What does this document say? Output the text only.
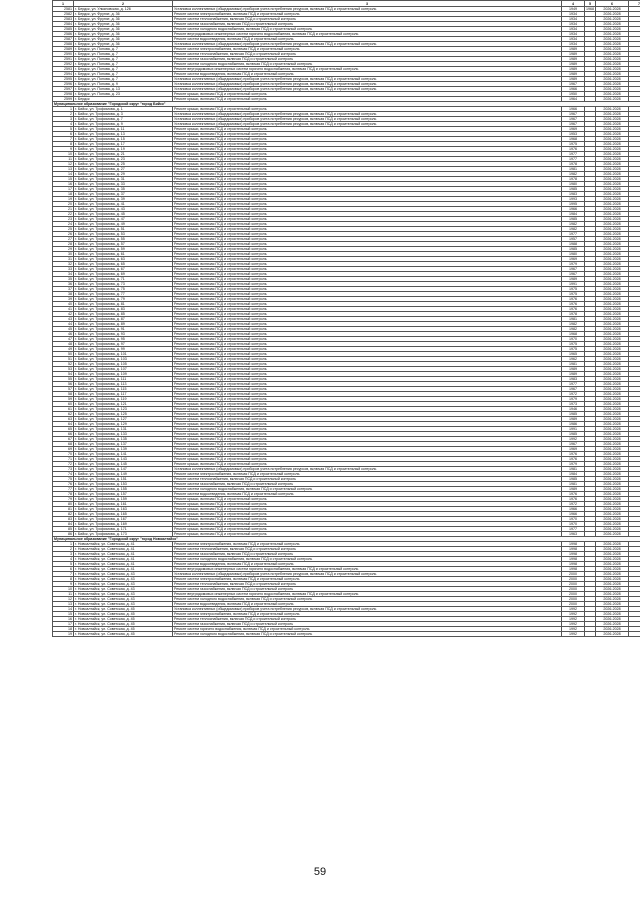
1	2	3	4	5	6	7
2581	г. Бердск, ул. Ульяновская, д. 126	Установка коллективных (общедомовых) приборов учета потребления ресурсов, включая ПСД и строительный контроль	1949	1968	2026-2028	
2582	г. Бердск, ул. Фрунзе, д. 36	Ремонт систем электроснабжения, включая ПСД и строительный контроль	1934		2026-2028	
2583	г. Бердск, ул. Фрунзе, д. 36	Ремонт систем теплоснабжения, включая ПСД и строительный контроль	1934		2026-2028	
2584	г. Бердск, ул. Фрунзе, д. 36	Ремонт систем газоснабжения, включая ПСД и строительный контроль	1934		2026-2028	
2585	г. Бердск, ул. Фрунзе, д. 36	Ремонт систем холодного водоснабжения, включая ПСД и строительный контроль	1934		2026-2028	
2586	г. Бердск, ул. Фрунзе, д. 36	Ремонт внутридомовых инженерных систем горячего водоснабжения, включая ПСД и строительный контроль	1934		2026-2028	
2587	г. Бердск, ул. Фрунзе, д. 36	Ремонт систем водоотведения, включая ПСД и строительный контроль	1934		2026-2028	
2588	г. Бердск, ул. Фрунзе, д. 36	Установка коллективных (общедомовых) приборов учета потребления ресурсов, включая ПСД и строительный контроль	1934		2026-2028	
2589	г. Бердск, ул. Попова, д. 7	Ремонт систем электроснабжения, включая ПСД и строительный контроль	1989		2026-2028	
2590	г. Бердск, ул. Попова, д. 7	Ремонт систем теплоснабжения, включая ПСД и строительный контроль	1989		2026-2028	
2591	г. Бердск, ул. Попова, д. 7	Ремонт систем газоснабжения, включая ПСД и строительный контроль	1989		2026-2028	
2592	г. Бердск, ул. Попова, д. 7	Ремонт систем холодного водоснабжения, включая ПСД и строительный контроль	1989		2026-2028	
2593	г. Бердск, ул. Попова, д. 7	Ремонт внутридомовых инженерных систем горячего водоснабжения, включая ПСД и строительный контроль	1989		2026-2028	
2594	г. Бердск, ул. Попова, д. 7	Ремонт систем водоотведения, включая ПСД и строительный контроль	1989		2026-2028	
2595	г. Бердск, ул. Попова, д. 7	Установка коллективных (общедомовых) приборов учета потребления ресурсов, включая ПСД и строительный контроль	1989		2026-2028	
2596	г. Бердск, ул. Попова, д. 9	Установка коллективных (общедомовых) приборов учета потребления ресурсов, включая ПСД и строительный контроль	1967		2026-2028	
2597	г. Бердск, ул. Попова, д. 13	Установка коллективных (общедомовых) приборов учета потребления ресурсов, включая ПСД и строительный контроль	1966		2026-2028	
2598	г. Бердск, ул. Попова, д. 23	Ремонт крыши, включая ПСД и строительный контроль	1950		2026-2028	
2599	г. Бердск	Ремонт крыши, включая ПСД и строительный контроль	1964		2026-2028	
Муниципальное образование "Городской округ "город Бийск"						
1	г. Бийск, ул. Трофимова, д. 1	Ремонт крыши, включая ПСД и строительный контроль	1966		2026-2028	
2	г. Бийск, ул. Трофимова, д. 3	Установка коллективных (общедомовых) приборов учета потребления ресурсов, включая ПСД и строительный контроль	1967		2026-2028	
3	г. Бийск, ул. Трофимова, д. 7	Установка коллективных (общедомовых) приборов учета потребления ресурсов, включая ПСД и строительный контроль	1967		2026-2028	
4	г. Бийск, ул. Трофимова, д. 9	Установка коллективных (общедомовых) приборов учета потребления ресурсов, включая ПСД и строительный контроль	1967		2026-2028	
5	г. Бийск, ул. Трофимова, д. 11	Ремонт крыши, включая ПСД и строительный контроль	1969		2026-2028	
6	г. Бийск, ул. Трофимова, д. 13	Ремонт крыши, включая ПСД и строительный контроль	1953		2026-2028	
7	г. Бийск, ул. Трофимова, д. 15	Ремонт крыши, включая ПСД и строительный контроль	1968		2026-2028	
8	г. Бийск, ул. Трофимова, д. 17	Ремонт крыши, включая ПСД и строительный контроль	1975		2026-2028	
9	г. Бийск, ул. Трофимова, д. 19	Ремонт крыши, включая ПСД и строительный контроль	1976		2026-2028	
10	г. Бийск, ул. Трофимова, д. 21	Ремонт крыши, включая ПСД и строительный контроль	1977		2026-2028	
11	г. Бийск, ул. Трофимова, д. 23	Ремонт крыши, включая ПСД и строительный контроль	1977		2026-2028	
12	г. Бийск, ул. Трофимова, д. 25	Ремонт крыши, включая ПСД и строительный контроль	1978		2026-2028	
13	г. Бийск, ул. Трофимова, д. 27	Ремонт крыши, включая ПСД и строительный контроль	1981		2026-2028	
14	г. Бийск, ул. Трофимова, д. 29	Ремонт крыши, включая ПСД и строительный контроль	1982		2026-2028	
15	г. Бийск, ул. Трофимова, д. 31	Ремонт крыши, включая ПСД и строительный контроль	1978		2026-2028	
16	г. Бийск, ул. Трофимова, д. 33	Ремонт крыши, включая ПСД и строительный контроль	1980		2026-2028	
17	г. Бийск, ул. Трофимова, д. 35	Ремонт крыши, включая ПСД и строительный контроль	1985		2026-2028	
18	г. Бийск, ул. Трофимова, д. 37	Ремонт крыши, включая ПСД и строительный контроль	1983		2026-2028	
19	г. Бийск, ул. Трофимова, д. 39	Ремонт крыши, включая ПСД и строительный контроль	1993		2026-2028	
20	г. Бийск, ул. Трофимова, д. 41	Ремонт крыши, включая ПСД и строительный контроль	1995		2026-2028	
21	г. Бийск, ул. Трофимова, д. 43	Ремонт крыши, включая ПСД и строительный контроль	1966		2026-2028	
22	г. Бийск, ул. Трофимова, д. 45	Ремонт крыши, включая ПСД и строительный контроль	1984		2026-2028	
23	г. Бийск, ул. Трофимова, д. 47	Ремонт крыши, включая ПСД и строительный контроль	1985		2026-2028	
24	г. Бийск, ул. Трофимова, д. 49	Ремонт крыши, включая ПСД и строительный контроль	1982		2026-2028	
25	г. Бийск, ул. Трофимова, д. 51	Ремонт крыши, включая ПСД и строительный контроль	1982		2026-2028	
26	г. Бийск, ул. Трофимова, д. 53	Ремонт крыши, включая ПСД и строительный контроль	1977		2026-2028	
27	г. Бийск, ул. Трофимова, д. 55	Ремонт крыши, включая ПСД и строительный контроль	1957		2026-2028	
28	г. Бийск, ул. Трофимова, д. 57	Ремонт крыши, включая ПСД и строительный контроль	1988		2026-2028	
29	г. Бийск, ул. Трофимова, д. 59	Ремонт крыши, включая ПСД и строительный контроль	1985		2026-2028	
30	г. Бийск, ул. Трофимова, д. 61	Ремонт крыши, включая ПСД и строительный контроль	1980		2026-2028	
31	г. Бийск, ул. Трофимова, д. 63	Ремонт крыши, включая ПСД и строительный контроль	1969		2026-2028	
32	г. Бийск, ул. Трофимова, д. 65	Ремонт крыши, включая ПСД и строительный контроль	1979		2026-2028	
33	г. Бийск, ул. Трофимова, д. 67	Ремонт крыши, включая ПСД и строительный контроль	1967		2026-2028	
34	г. Бийск, ул. Трофимова, д. 69	Ремонт крыши, включая ПСД и строительный контроль	1967		2026-2028	
35	г. Бийск, ул. Трофимова, д. 71	Ремонт крыши, включая ПСД и строительный контроль	1989		2026-2028	
36	г. Бийск, ул. Трофимова, д. 73	Ремонт крыши, включая ПСД и строительный контроль	1991		2026-2028	
37	г. Бийск, ул. Трофимова, д. 75	Ремонт крыши, включая ПСД и строительный контроль	1975		2026-2028	
38	г. Бийск, ул. Трофимова, д. 77	Ремонт крыши, включая ПСД и строительный контроль	1975		2026-2028	
39	г. Бийск, ул. Трофимова, д. 79	Ремонт крыши, включая ПСД и строительный контроль	1976		2026-2028	
40	г. Бийск, ул. Трофимова, д. 81	Ремонт крыши, включая ПСД и строительный контроль	1976		2026-2028	
41	г. Бийск, ул. Трофимова, д. 83	Ремонт крыши, включая ПСД и строительный контроль	1976		2026-2028	
42	г. Бийск, ул. Трофимова, д. 85	Ремонт крыши, включая ПСД и строительный контроль	1978		2026-2028	
43	г. Бийск, ул. Трофимова, д. 87	Ремонт крыши, включая ПСД и строительный контроль	1981		2026-2028	
44	г. Бийск, ул. Трофимова, д. 89	Ремонт крыши, включая ПСД и строительный контроль	1982		2026-2028	
45	г. Бийск, ул. Трофимова, д. 91	Ремонт крыши, включая ПСД и строительный контроль	1982		2026-2028	
46	г. Бийск, ул. Трофимова, д. 93	Ремонт крыши, включая ПСД и строительный контроль	1968		2026-2028	
47	г. Бийск, ул. Трофимова, д. 95	Ремонт крыши, включая ПСД и строительный контроль	1970		2026-2028	
48	г. Бийск, ул. Трофимова, д. 97	Ремонт крыши, включая ПСД и строительный контроль	1975		2026-2028	
49	г. Бийск, ул. Трофимова, д. 99	Ремонт крыши, включая ПСД и строительный контроль	1975		2026-2028	
50	г. Бийск, ул. Трофимова, д. 101	Ремонт крыши, включая ПСД и строительный контроль	1965		2026-2028	
51	г. Бийск, ул. Трофимова, д. 103	Ремонт крыши, включая ПСД и строительный контроль	1962		2026-2028	
52	г. Бийск, ул. Трофимова, д. 105	Ремонт крыши, включая ПСД и строительный контроль	1981		2026-2028	
53	г. Бийск, ул. Трофимова, д. 107	Ремонт крыши, включая ПСД и строительный контроль	1989		2026-2028	
54	г. Бийск, ул. Трофимова, д. 109	Ремонт крыши, включая ПСД и строительный контроль	1989		2026-2028	
55	г. Бийск, ул. Трофимова, д. 111	Ремонт крыши, включая ПСД и строительный контроль	1983		2026-2028	
56	г. Бийск, ул. Трофимова, д. 113	Ремонт крыши, включая ПСД и строительный контроль	1977		2026-2028	
57	г. Бийск, ул. Трофимова, д. 115	Ремонт крыши, включая ПСД и строительный контроль	1967		2026-2028	
58	г. Бийск, ул. Трофимова, д. 117	Ремонт крыши, включая ПСД и строительный контроль	1972		2026-2028	
59	г. Бийск, ул. Трофимова, д. 119	Ремонт крыши, включая ПСД и строительный контроль	1979		2026-2028	
60	г. Бийск, ул. Трофимова, д. 121	Ремонт крыши, включая ПСД и строительный контроль	1973		2026-2028	
61	г. Бийск, ул. Трофимова, д. 123	Ремонт крыши, включая ПСД и строительный контроль	1946		2026-2028	
62	г. Бийск, ул. Трофимова, д. 125	Ремонт крыши, включая ПСД и строительный контроль	1985		2026-2028	
63	г. Бийск, ул. Трофимова, д. 127	Ремонт крыши, включая ПСД и строительный контроль	1989		2026-2028	
64	г. Бийск, ул. Трофимова, д. 129	Ремонт крыши, включая ПСД и строительный контроль	1986		2026-2028	
65	г. Бийск, ул. Трофимова, д. 131	Ремонт крыши, включая ПСД и строительный контроль	1991		2026-2028	
66	г. Бийск, ул. Трофимова, д. 133	Ремонт крыши, включая ПСД и строительный контроль	1985		2026-2028	
67	г. Бийск, ул. Трофимова, д. 135	Ремонт крыши, включая ПСД и строительный контроль	1992		2026-2028	
68	г. Бийск, ул. Трофимова, д. 137	Ремонт крыши, включая ПСД и строительный контроль	1967		2026-2028	
69	г. Бийск, ул. Трофимова, д. 139	Ремонт крыши, включая ПСД и строительный контроль	1969		2026-2028	
70	г. Бийск, ул. Трофимова, д. 141	Ремонт крыши, включая ПСД и строительный контроль	1976		2026-2028	
71	г. Бийск, ул. Трофимова, д. 143	Ремонт крыши, включая ПСД и строительный контроль	1976		2026-2028	
72	г. Бийск, ул. Трофимова, д. 145	Ремонт крыши, включая ПСД и строительный контроль	1979		2026-2028	
73	г. Бийск, ул. Трофимова, д. 147	Установка коллективных (общедомовых) приборов учета потребления ресурсов, включая ПСД и строительный контроль	1981		2026-2028	
74	г. Бийск, ул. Трофимова, д. 149	Ремонт систем электроснабжения, включая ПСД и строительный контроль	1984		2026-2028	
75	г. Бийск, ул. Трофимова, д. 151	Ремонт систем теплоснабжения, включая ПСД и строительный контроль	1985		2026-2028	
76	г. Бийск, ул. Трофимова, д. 153	Ремонт систем газоснабжения, включая ПСД и строительный контроль	1981		2026-2028	
77	г. Бийск, ул. Трофимова, д. 155	Ремонт систем холодного водоснабжения, включая ПСД и строительный контроль	1989		2026-2028	
78	г. Бийск, ул. Трофимова, д. 157	Ремонт систем водоотведения, включая ПСД и строительный контроль	1976		2026-2028	
79	г. Бийск, ул. Трофимова, д. 159	Ремонт крыши, включая ПСД и строительный контроль	1976		2026-2028	
80	г. Бийск, ул. Трофимова, д. 161	Ремонт крыши, включая ПСД и строительный контроль	1972		2026-2028	
81	г. Бийск, ул. Трофимова, д. 163	Ремонт крыши, включая ПСД и строительный контроль	1966		2026-2028	
82	г. Бийск, ул. Трофимова, д. 165	Ремонт крыши, включая ПСД и строительный контроль	1966		2026-2028	
83	г. Бийск, ул. Трофимова, д. 167	Ремонт крыши, включая ПСД и строительный контроль	1970		2026-2028	
84	г. Бийск, ул. Трофимова, д. 169	Ремонт крыши, включая ПСД и строительный контроль	1970		2026-2028	
85	г. Бийск, ул. Трофимова, д. 171	Ремонт крыши, включая ПСД и строительный контроль	1977		2026-2028	
86	г. Бийск, ул. Трофимова, д. 173	Ремонт крыши, включая ПСД и строительный контроль	1963		2026-2028	
Муниципальное образование "Городской округ "город Новоалтайск"						
1	г. Новоалтайск, ул. Советская, д. 41	Ремонт систем электроснабжения, включая ПСД и строительный контроль	1998		2026-2028	
2	г. Новоалтайск, ул. Советская, д. 41	Ремонт систем теплоснабжения, включая ПСД и строительный контроль	1998		2026-2028	
3	г. Новоалтайск, ул. Советская, д. 41	Ремонт систем газоснабжения, включая ПСД и строительный контроль	1998		2026-2028	
4	г. Новоалтайск, ул. Советская, д. 41	Ремонт систем холодного водоснабжения, включая ПСД и строительный контроль	1998		2026-2028	
5	г. Новоалтайск, ул. Советская, д. 41	Ремонт систем водоотведения, включая ПСД и строительный контроль	1998		2026-2028	
6	г. Новоалтайск, ул. Советская, д. 41	Ремонт внутридомовых инженерных систем горячего водоснабжения, включая ПСД и строительный контроль	1998		2026-2028	
7	г. Новоалтайск, ул. Советская, д. 43	Установка коллективных (общедомовых) приборов учета потребления ресурсов, включая ПСД и строительный контроль	2000		2026-2028	
8	г. Новоалтайск, ул. Советская, д. 43	Ремонт систем электроснабжения, включая ПСД и строительный контроль	2000		2026-2028	
9	г. Новоалтайск, ул. Советская, д. 43	Ремонт систем теплоснабжения, включая ПСД и строительный контроль	2000		2026-2028	
10	г. Новоалтайск, ул. Советская, д. 43	Ремонт систем газоснабжения, включая ПСД и строительный контроль	2000		2026-2028	
11	г. Новоалтайск, ул. Советская, д. 43	Ремонт внутридомовых инженерных систем горячего водоснабжения, включая ПСД и строительный контроль	2000		2026-2028	
12	г. Новоалтайск, ул. Советская, д. 43	Ремонт систем холодного водоснабжения, включая ПСД и строительный контроль	2000		2026-2028	
13	г. Новоалтайск, ул. Советская, д. 43	Ремонт систем водоотведения, включая ПСД и строительный контроль	2000		2026-2028	
14	г. Новоалтайск, ул. Советская, д. 45	Установка коллективных (общедомовых) приборов учета потребления ресурсов, включая ПСД и строительный контроль	1992		2026-2028	
15	г. Новоалтайск, ул. Советская, д. 45	Ремонт систем электроснабжения, включая ПСД и строительный контроль	1992		2026-2028	
16	г. Новоалтайск, ул. Советская, д. 45	Ремонт систем теплоснабжения, включая ПСД и строительный контроль	1992		2026-2028	
17	г. Новоалтайск, ул. Советская, д. 45	Ремонт систем газоснабжения, включая ПСД и строительный контроль	1992		2026-2028	
18	г. Новоалтайск, ул. Советская, д. 45	Ремонт систем горячего водоснабжения, включая ПСД и строительный контроль	1992		2026-2028	
19	г. Новоалтайск, ул. Советская, д. 45	Ремонт систем холодного водоснабжения, включая ПСД и строительный контроль	1992		2026-2028	
59
